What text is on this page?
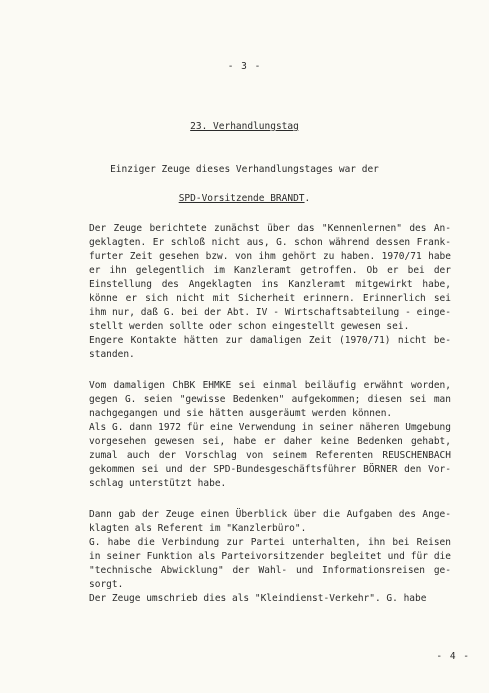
- 3 -
23. Verhandlungstag
Einziger Zeuge dieses Verhandlungstages war der
SPD-Vorsitzende BRANDT.
Der Zeuge berichtete zunächst über das "Kennenlernen" des An-
geklagten. Er schloß nicht aus, G. schon während dessen Frank-
furter Zeit gesehen bzw. von ihm gehört zu haben. 1970/71 habe
er ihn gelegentlich im Kanzleramt getroffen. Ob er bei der
Einstellung des Angeklagten ins Kanzleramt mitgewirkt habe,
könne er sich nicht mit Sicherheit erinnern. Erinnerlich sei
ihm nur, daß G. bei der Abt. IV - Wirtschaftsabteilung - einge-
stellt werden sollte oder schon eingestellt gewesen sei.
Engere Kontakte hätten zur damaligen Zeit (1970/71) nicht be-
standen.
Vom damaligen ChBK EHMKE sei einmal beiläufig erwähnt worden,
gegen G. seien "gewisse Bedenken" aufgekommen; diesen sei man
nachgegangen und sie hätten ausgeräumt werden können.
Als G. dann 1972 für eine Verwendung in seiner näheren Umgebung
vorgesehen gewesen sei, habe er daher keine Bedenken gehabt,
zumal auch der Vorschlag von seinem Referenten REUSCHENBACH
gekommen sei und der SPD-Bundesgeschäftsführer BÖRNER den Vor-
schlag unterstützt habe.
Dann gab der Zeuge einen Überblick über die Aufgaben des Ange-
klagten als Referent im "Kanzlerbüro".
G. habe die Verbindung zur Partei unterhalten, ihn bei Reisen
in seiner Funktion als Parteivorsitzender begleitet und für die
"technische Abwicklung" der Wahl- und Informationsreisen ge-
sorgt.
Der Zeuge umschrieb dies als "Kleindienst-Verkehr". G. habe
- 4 -
